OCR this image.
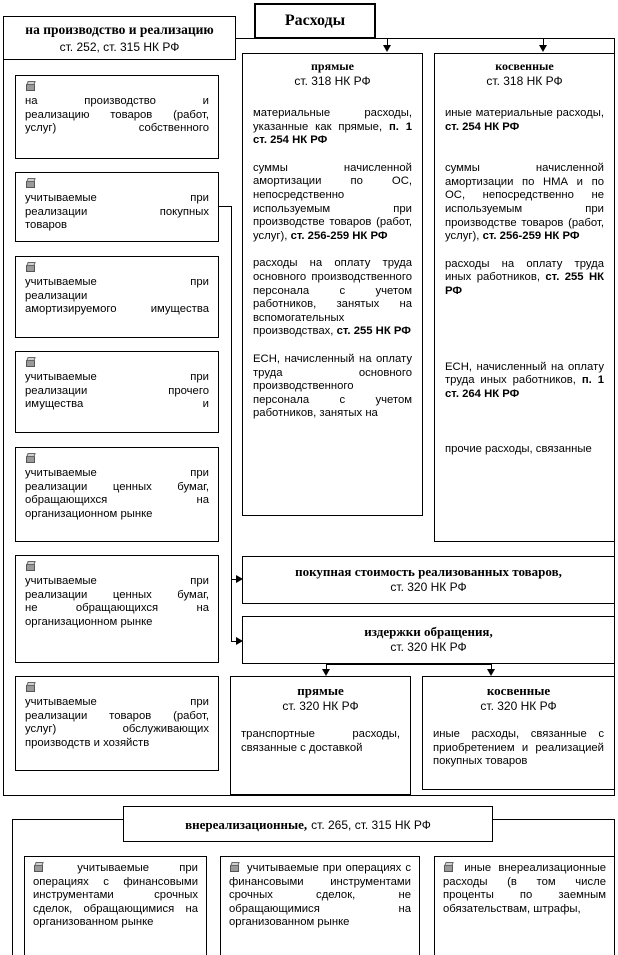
Расходы
на производство и реализацию
ст. 252, ст. 315 НК РФ

на производство и

реализацию товаров (работ,

услуг) собственного

учитываемые при

реализации покупных

товаров

учитываемые при

реализации

амортизируемого имущества

учитываемые при

реализации прочего

имущества и

учитываемые при

реализации ценных бумаг,

обращающихся на

организационном рынке

учитываемые при

реализации ценных бумаг,

не обращающихся на

организационном рынке

учитываемые при

реализации товаров (работ,

услуг) обслуживающих

производств и хозяйств

прямые
ст. 318 НК РФ

материальные расходы, указанные как прямые, п. 1 ст. 254 НК РФ

суммы начисленной амортизации по ОС, непосредственно используемым при производстве товаров (работ, услуг), ст. 256-259 НК РФ

расходы на оплату труда основного производственного персонала с учетом работников, занятых на вспомогательных производствах, ст. 255 НК РФ

ЕСН, начисленный на оплату труда основного производственного персонала с учетом работников, занятых на

косвенные
ст. 318 НК РФ

иные материальные расходы, ст. 254 НК РФ

суммы начисленной амортизации по НМА и по ОС, непосредственно не используемым при производстве товаров (работ, услуг), ст. 256-259 НК РФ

расходы на оплату труда иных работников, ст. 255 НК РФ

ЕСН, начисленный на оплату труда иных работников, п. 1 ст. 264 НК РФ

прочие расходы, связанные

покупная стоимость реализованных товаров,
ст. 320 НК РФ
издержки обращения,
ст. 320 НК РФ
прямые
ст. 320 НК РФ

транспортные расходы, связанные с доставкой

косвенные
ст. 320 НК РФ

иные расходы, связанные с приобретением и реализацией покупных товаров

внереализационные, ст. 265, ст. 315 НК РФ

учитываемые при операциях с финансовыми инструментами срочных сделок, обращающимися на организованном рынке

учитываемые при операциях с финансовыми инструментами срочных сделок, не обращающимися на организованном рынке

иные внереализационные расходы (в том числе проценты по заемным обязательствам, штрафы,
